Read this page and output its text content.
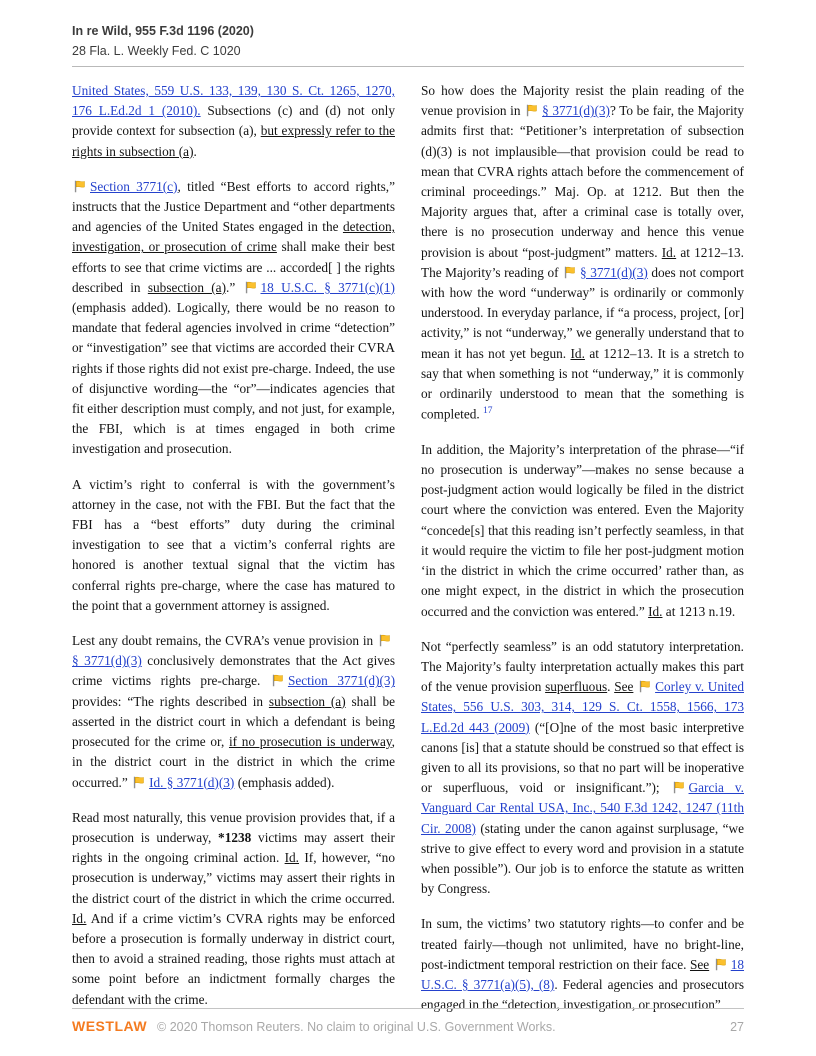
In re Wild, 955 F.3d 1196 (2020)
28 Fla. L. Weekly Fed. C 1020

United States, 559 U.S. 133, 139, 130 S. Ct. 1265, 1270, 176 L.Ed.2d 1 (2010). Subsections (c) and (d) not only provide context for subsection (a), but expressly refer to the rights in subsection (a).

Section 3771(c), titled “Best efforts to accord rights,” instructs that the Justice Department and “other departments and agencies of the United States engaged in the detection, investigation, or prosecution of crime shall make their best efforts to see that crime victims are ... accorded[ ] the rights described in subsection (a).” 18 U.S.C. § 3771(c)(1) (emphasis added). Logically, there would be no reason to mandate that federal agencies involved in crime “detection” or “investigation” see that victims are accorded their CVRA rights if those rights did not exist pre-charge. Indeed, the use of disjunctive wording—the “or”—indicates agencies that fit either description must comply, and not just, for example, the FBI, which is at times engaged in both crime investigation and prosecution.

A victim’s right to conferral is with the government’s attorney in the case, not with the FBI. But the fact that the FBI has a “best efforts” duty during the criminal investigation to see that a victim’s conferral rights are honored is another textual signal that the victim has conferral rights pre-charge, where the case has matured to the point that a government attorney is assigned.

Lest any doubt remains, the CVRA’s venue provision in § 3771(d)(3) conclusively demonstrates that the Act gives crime victims rights pre-charge. Section 3771(d)(3) provides: “The rights described in subsection (a) shall be asserted in the district court in which a defendant is being prosecuted for the crime or, if no prosecution is underway, in the district court in the district in which the crime occurred.” Id. § 3771(d)(3) (emphasis added).

Read most naturally, this venue provision provides that, if a prosecution is underway, *1238 victims may assert their rights in the ongoing criminal action. Id. If, however, “no prosecution is underway,” victims may assert their rights in the district court of the district in which the crime occurred. Id. And if a crime victim’s CVRA rights may be enforced before a prosecution is formally underway in district court, then to avoid a strained reading, those rights must attach at some point before an indictment formally charges the defendant with the crime.

So how does the Majority resist the plain reading of the venue provision in § 3771(d)(3)? To be fair, the Majority admits first that: “Petitioner’s interpretation of subsection (d)(3) is not implausible—that provision could be read to mean that CVRA rights attach before the commencement of criminal proceedings.” Maj. Op. at 1212. But then the Majority argues that, after a criminal case is totally over, there is no prosecution underway and hence this venue provision is about “post-judgment” matters. Id. at 1212–13. The Majority’s reading of § 3771(d)(3) does not comport with how the word “underway” is ordinarily or commonly understood. In everyday parlance, if “a process, project, [or] activity,” is not “underway,” we generally understand that to mean it has not yet begun. Id. at 1212–13. It is a stretch to say that when something is not “underway,” it is commonly or ordinarily understood to mean that the something is completed. $^{17}$

In addition, the Majority’s interpretation of the phrase—“if no prosecution is underway”—makes no sense because a post-judgment action would logically be filed in the district court where the conviction was entered. Even the Majority “concede[s] that this reading isn’t perfectly seamless, in that it would require the victim to file her post-judgment motion ‘in the district in which the crime occurred’ rather than, as one might expect, in the district in which the prosecution occurred and the conviction was entered.” Id. at 1213 n.19.

Not “perfectly seamless” is an odd statutory interpretation. The Majority’s faulty interpretation actually makes this part of the venue provision superfluous. See Corley v. United States, 556 U.S. 303, 314, 129 S. Ct. 1558, 1566, 173 L.Ed.2d 443 (2009) (“[O]ne of the most basic interpretive canons [is] that a statute should be construed so that effect is given to all its provisions, so that no part will be inoperative or superfluous, void or insignificant.”); Garcia v. Vanguard Car Rental USA, Inc., 540 F.3d 1242, 1247 (11th Cir. 2008) (stating under the canon against surplusage, “we strive to give effect to every word and provision in a statute when possible”). Our job is to enforce the statute as written by Congress.

In sum, the victims’ two statutory rights—to confer and be treated fairly—though not unlimited, have no bright-line, post-indictment temporal restriction on their face. See 18 U.S.C. § 3771(a)(5), (8). Federal agencies and prosecutors engaged in the “detection, investigation, or prosecution”

WESTLAW © 2020 Thomson Reuters. No claim to original U.S. Government Works.	27
